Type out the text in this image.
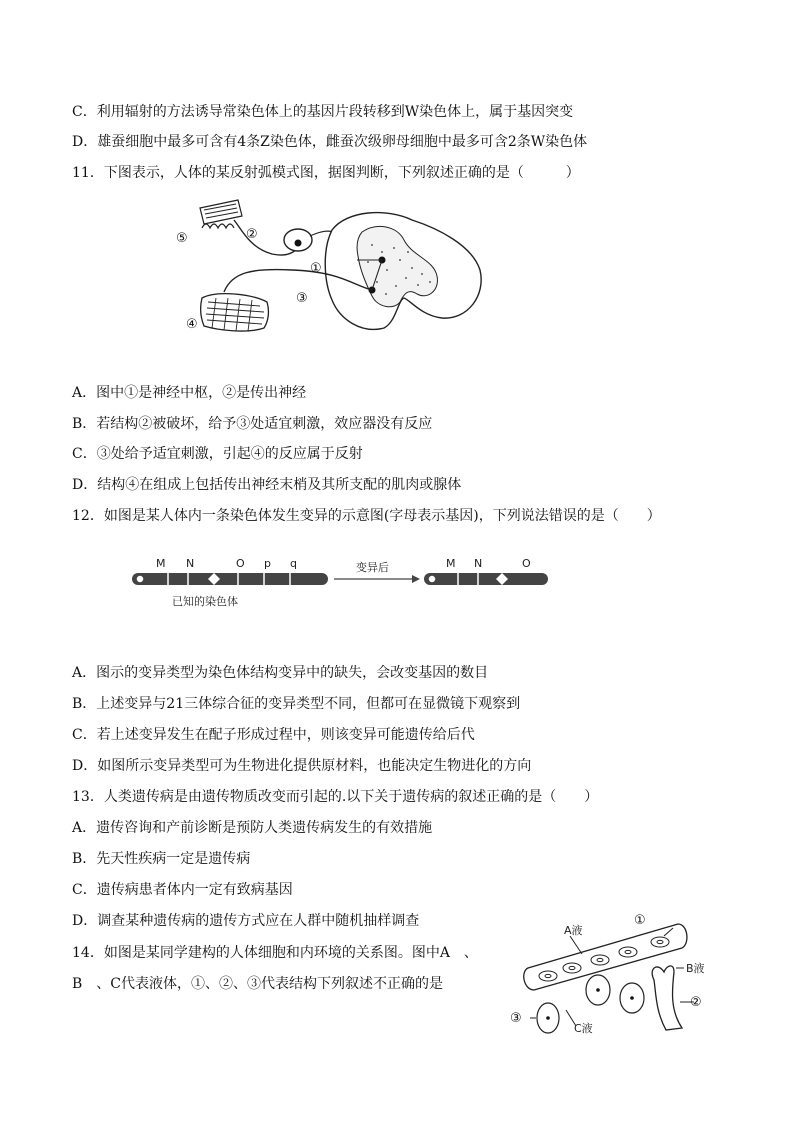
C．利用辐射的方法诱导常染色体上的基因片段转移到W染色体上，属于基因突变
D．雄蚕细胞中最多可含有4条Z染色体，雌蚕次级卵母细胞中最多可含2条W染色体
11．下图表示，人体的某反射弧模式图，据图判断，下列叙述正确的是（　　　）
⑤	②
①
③
④
A．图中①是神经中枢，②是传出神经
B．若结构②被破坏，给予③处适宜刺激，效应器没有反应
C．③处给予适宜刺激，引起④的反应属于反射
D．结构④在组成上包括传出神经末梢及其所支配的肌肉或腺体
12．如图是某人体内一条染色体发生变异的示意图(字母表示基因)，下列说法错误的是（　　）
M N	O p q
已知的染色体
变异后	M N	O
A．图示的变异类型为染色体结构变异中的缺失，会改变基因的数目
B．上述变异与21三体综合征的变异类型不同，但都可在显微镜下观察到
C．若上述变异发生在配子形成过程中，则该变异可能遗传给后代
D．如图所示变异类型可为生物进化提供原材料，也能决定生物进化的方向
13．人类遗传病是由遗传物质改变而引起的.以下关于遗传病的叙述正确的是（　　）
A．遗传咨询和产前诊断是预防人类遗传病发生的有效措施
B．先天性疾病一定是遗传病
C．遗传病患者体内一定有致病基因
D．调查某种遗传病的遗传方式应在人群中随机抽样调查
14．如图是某同学建构的人体细胞和内环境的关系图。图中A　、
B　、C代表液体，①、②、③代表结构下列叙述不正确的是
A液
B液
C液
①
②
③
